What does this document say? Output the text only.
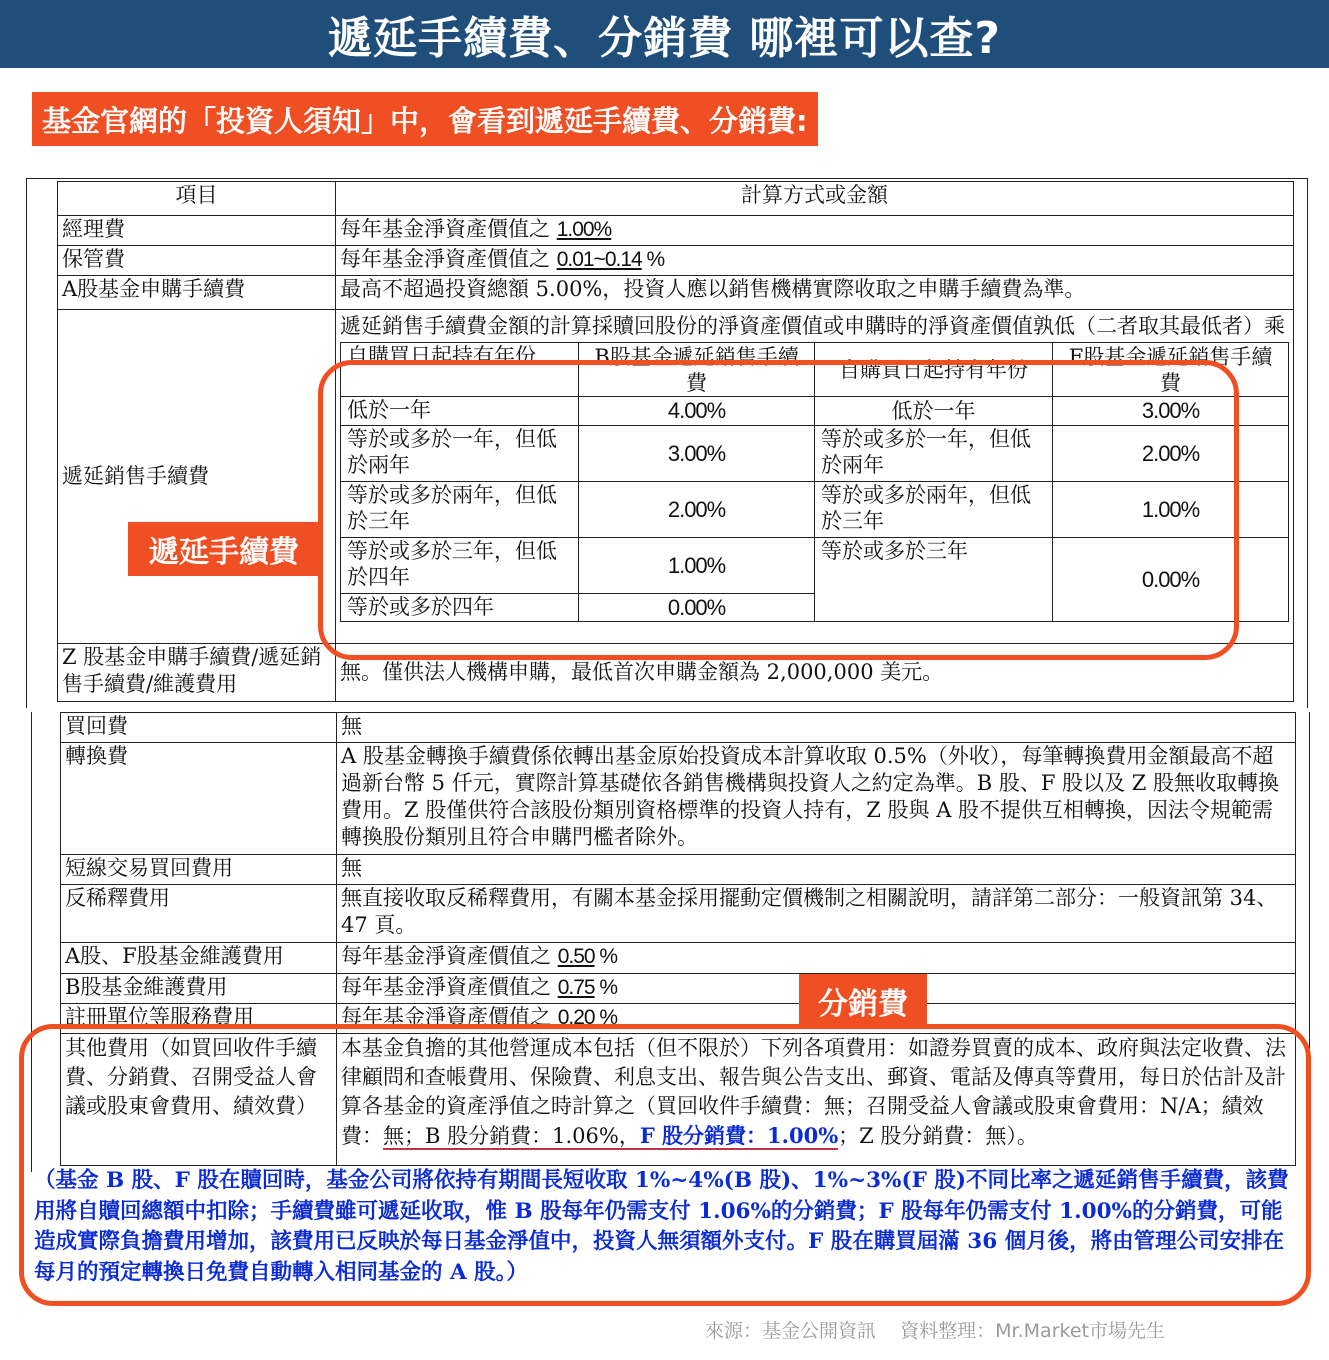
遞延手續費、分銷費 哪裡可以查?
基金官網的「投資人須知」中，會看到遞延手續費、分銷費:
項目	計算方式或金額
經理費	每年基金淨資產價值之 1.00%
保管費	每年基金淨資產價值之 0.01~0.14 %
A股基金申購手續費	最高不超過投資總額 5.00%，投資人應以銷售機構實際收取之申購手續費為準。
遞延銷售手續費	
遞延銷售手續費金額的計算採贖回股份的淨資產價值或申購時的淨資產價值孰低（二者取其最低者）乘
自購買日起持有年份	B股基金遞延銷售手續費	自購買日起持有年份	F股基金遞延銷售手續費
低於一年	4.00%	低於一年	3.00%
等於或多於一年，但低於兩年	3.00%	等於或多於一年，但低於兩年	2.00%
等於或多於兩年，但低於三年	2.00%	等於或多於兩年，但低於三年	1.00%
等於或多於三年，但低於四年	1.00%	等於或多於三年	0.00%
等於或多於四年	0.00%

Z 股基金申購手續費/遞延銷售手續費/維護費用	無。僅供法人機構申購，最低首次申購金額為 2,000,000 美元。
買回費	無
轉換費	A 股基金轉換手續費係依轉出基金原始投資成本計算收取 0.5%（外收），每筆轉換費用金額最高不超過新台幣 5 仟元，實際計算基礎依各銷售機構與投資人之約定為準。B 股、F 股以及 Z 股無收取轉換費用。Z 股僅供符合該股份類別資格標準的投資人持有，Z 股與 A 股不提供互相轉換，因法令規範需轉換股份類別且符合申購門檻者除外。
短線交易買回費用	無
反稀釋費用	無直接收取反稀釋費用，有關本基金採用擺動定價機制之相關說明，請詳第二部分：一般資訊第 34、47 頁。
A股、F股基金維護費用	每年基金淨資產價值之 0.50 %
B股基金維護費用	每年基金淨資產價值之 0.75 %
註冊單位等服務費用	每年基金淨資產價值之 0.20 %
其他費用（如買回收件手續費、分銷費、召開受益人會議或股東會費用、績效費）	本基金負擔的其他營運成本包括（但不限於）下列各項費用：如證券買賣的成本、政府與法定收費、法律顧問和查帳費用、保險費、利息支出、報告與公告支出、郵資、電話及傳真等費用，每日於估計及計算各基金的資產淨值之時計算之（買回收件手續費：無；召開受益人會議或股東會費用：N/A；績效費：無；B 股分銷費：1.06%，F 股分銷費：1.00%；Z 股分銷費：無）。
（基金 B 股、F 股在贖回時，基金公司將依持有期間長短收取 1%~4%(B 股)、1%~3%(F 股)不同比率之遞延銷售手續費，該費用將自贖回總額中扣除；手續費雖可遞延收取，惟 B 股每年仍需支付 1.06%的分銷費；F 股每年仍需支付 1.00%的分銷費，可能造成實際負擔費用增加，該費用已反映於每日基金淨值中，投資人無須額外支付。F 股在購買屆滿 36 個月後，將由管理公司安排在每月的預定轉換日免費自動轉入相同基金的 A 股。）
遞延手續費
分銷費
來源：基金公開資訊    資料整理：Mr.Market市場先生
